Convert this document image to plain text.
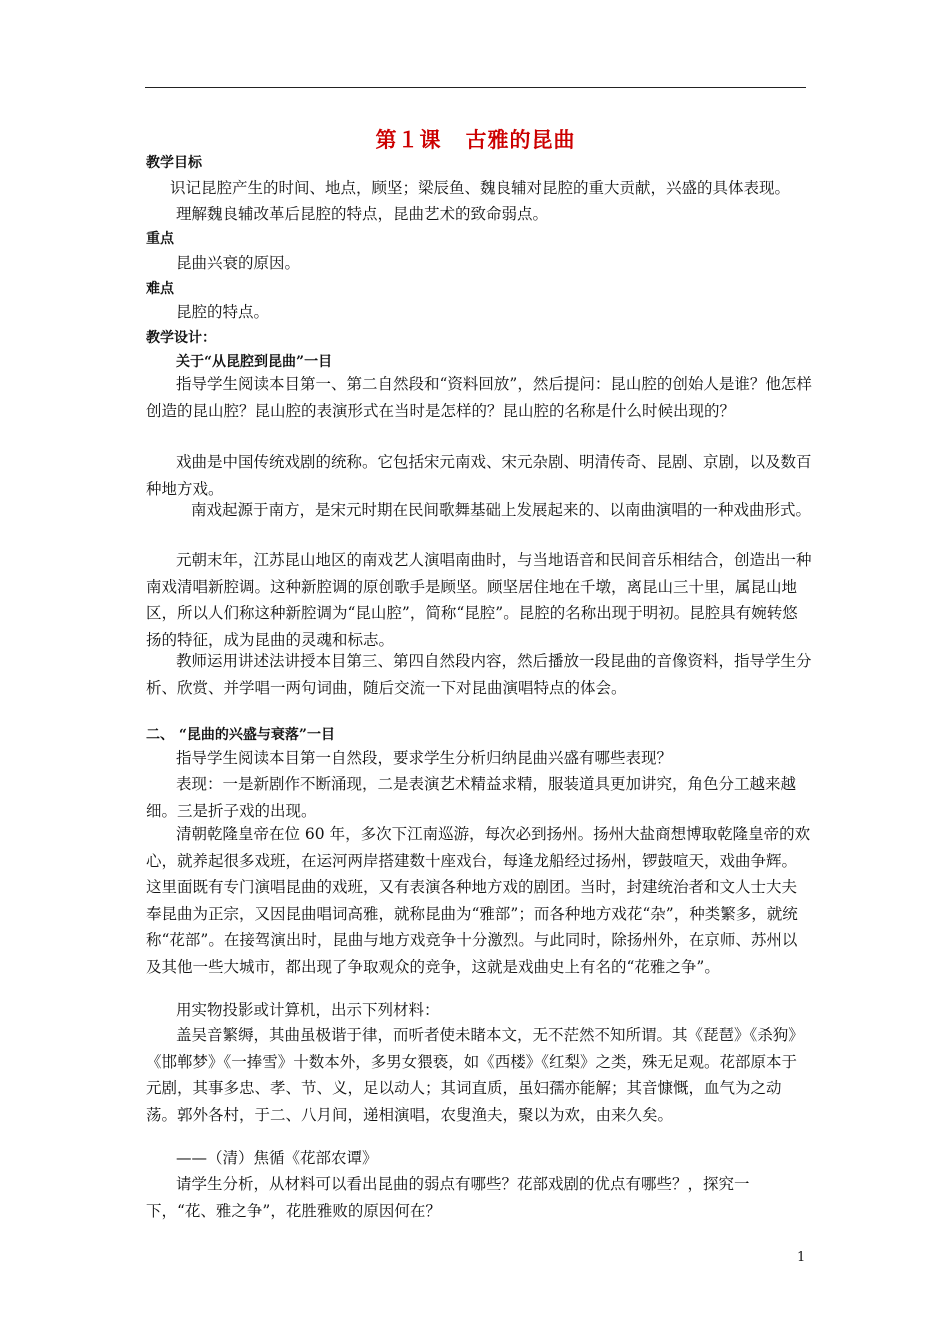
第１课 古雅的昆曲
教学目标
识记昆腔产生的时间、地点，顾坚；梁辰鱼、魏良辅对昆腔的重大贡献，兴盛的具体表现。
理解魏良辅改革后昆腔的特点，昆曲艺术的致命弱点。
重点
昆曲兴衰的原因。
难点
昆腔的特点。
教学设计：
关于“从昆腔到昆曲”一目
指导学生阅读本目第一、第二自然段和“资料回放”，然后提问：昆山腔的创始人是谁？他怎样创造的昆山腔？昆山腔的表演形式在当时是怎样的？昆山腔的名称是什么时候出现的？
戏曲是中国传统戏剧的统称。它包括宋元南戏、宋元杂剧、明清传奇、昆剧、京剧，以及数百种地方戏。
南戏起源于南方，是宋元时期在民间歌舞基础上发展起来的、以南曲演唱的一种戏曲形式。
元朝末年，江苏昆山地区的南戏艺人演唱南曲时，与当地语音和民间音乐相结合，创造出一种南戏清唱新腔调。这种新腔调的原创歌手是顾坚。顾坚居住地在千墩，离昆山三十里，属昆山地区，所以人们称这种新腔调为“昆山腔”，简称“昆腔”。昆腔的名称出现于明初。昆腔具有婉转悠扬的特征，成为昆曲的灵魂和标志。
教师运用讲述法讲授本目第三、第四自然段内容，然后播放一段昆曲的音像资料，指导学生分析、欣赏、并学唱一两句词曲，随后交流一下对昆曲演唱特点的体会。
二、 “昆曲的兴盛与衰落”一目
指导学生阅读本目第一自然段，要求学生分析归纳昆曲兴盛有哪些表现？
表现：一是新剧作不断涌现，二是表演艺术精益求精，服装道具更加讲究，角色分工越来越细。三是折子戏的出现。
清朝乾隆皇帝在位 60 年，多次下江南巡游，每次必到扬州。扬州大盐商想博取乾隆皇帝的欢心，就养起很多戏班，在运河两岸搭建数十座戏台，每逢龙船经过扬州，锣鼓喧天，戏曲争辉。这里面既有专门演唱昆曲的戏班，又有表演各种地方戏的剧团。当时，封建统治者和文人士大夫奉昆曲为正宗，又因昆曲唱词高雅，就称昆曲为“雅部”；而各种地方戏花“杂”，种类繁多，就统称“花部”。在接驾演出时，昆曲与地方戏竞争十分激烈。与此同时，除扬州外，在京师、苏州以及其他一些大城市，都出现了争取观众的竞争，这就是戏曲史上有名的“花雅之争”。
用实物投影或计算机，出示下列材料：
盖吴音繁缛，其曲虽极谐于律，而听者使未睹本文，无不茫然不知所谓。其《琵琶》《杀狗》《邯郸梦》《一捧雪》十数本外，多男女猥亵，如《西楼》《红梨》之类，殊无足观。花部原本于元剧，其事多忠、孝、节、义，足以动人；其词直质，虽妇孺亦能解；其音慷慨，血气为之动荡。郭外各村，于二、八月间，递相演唱，农叟渔夫，聚以为欢，由来久矣。
——（清）焦循《花部农谭》
请学生分析，从材料可以看出昆曲的弱点有哪些？花部戏剧的优点有哪些？，探究一下，“花、雅之争”，花胜雅败的原因何在？
1
